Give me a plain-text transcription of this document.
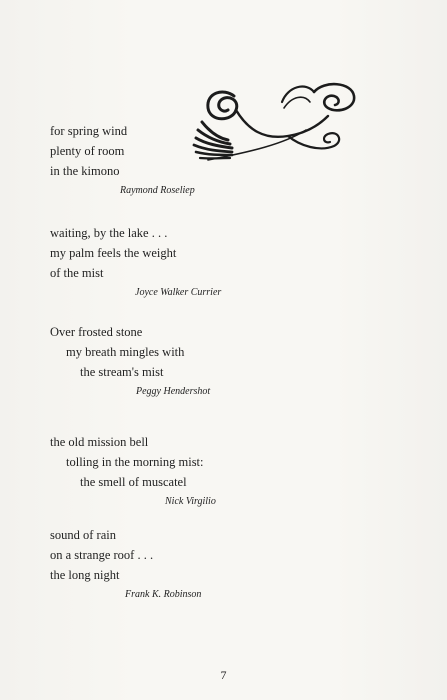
for spring wind
plenty of room
in the kimono
Raymond Roseliep
waiting, by the lake . . .
my palm feels the weight
of the mist
Joyce Walker Currier
Over frosted stone
my breath mingles with
the stream's mist
Peggy Hendershot
the old mission bell
tolling in the morning mist:
the smell of muscatel
Nick Virgilio
sound of rain
on a strange roof . . .
the long night
Frank K. Robinson
7
